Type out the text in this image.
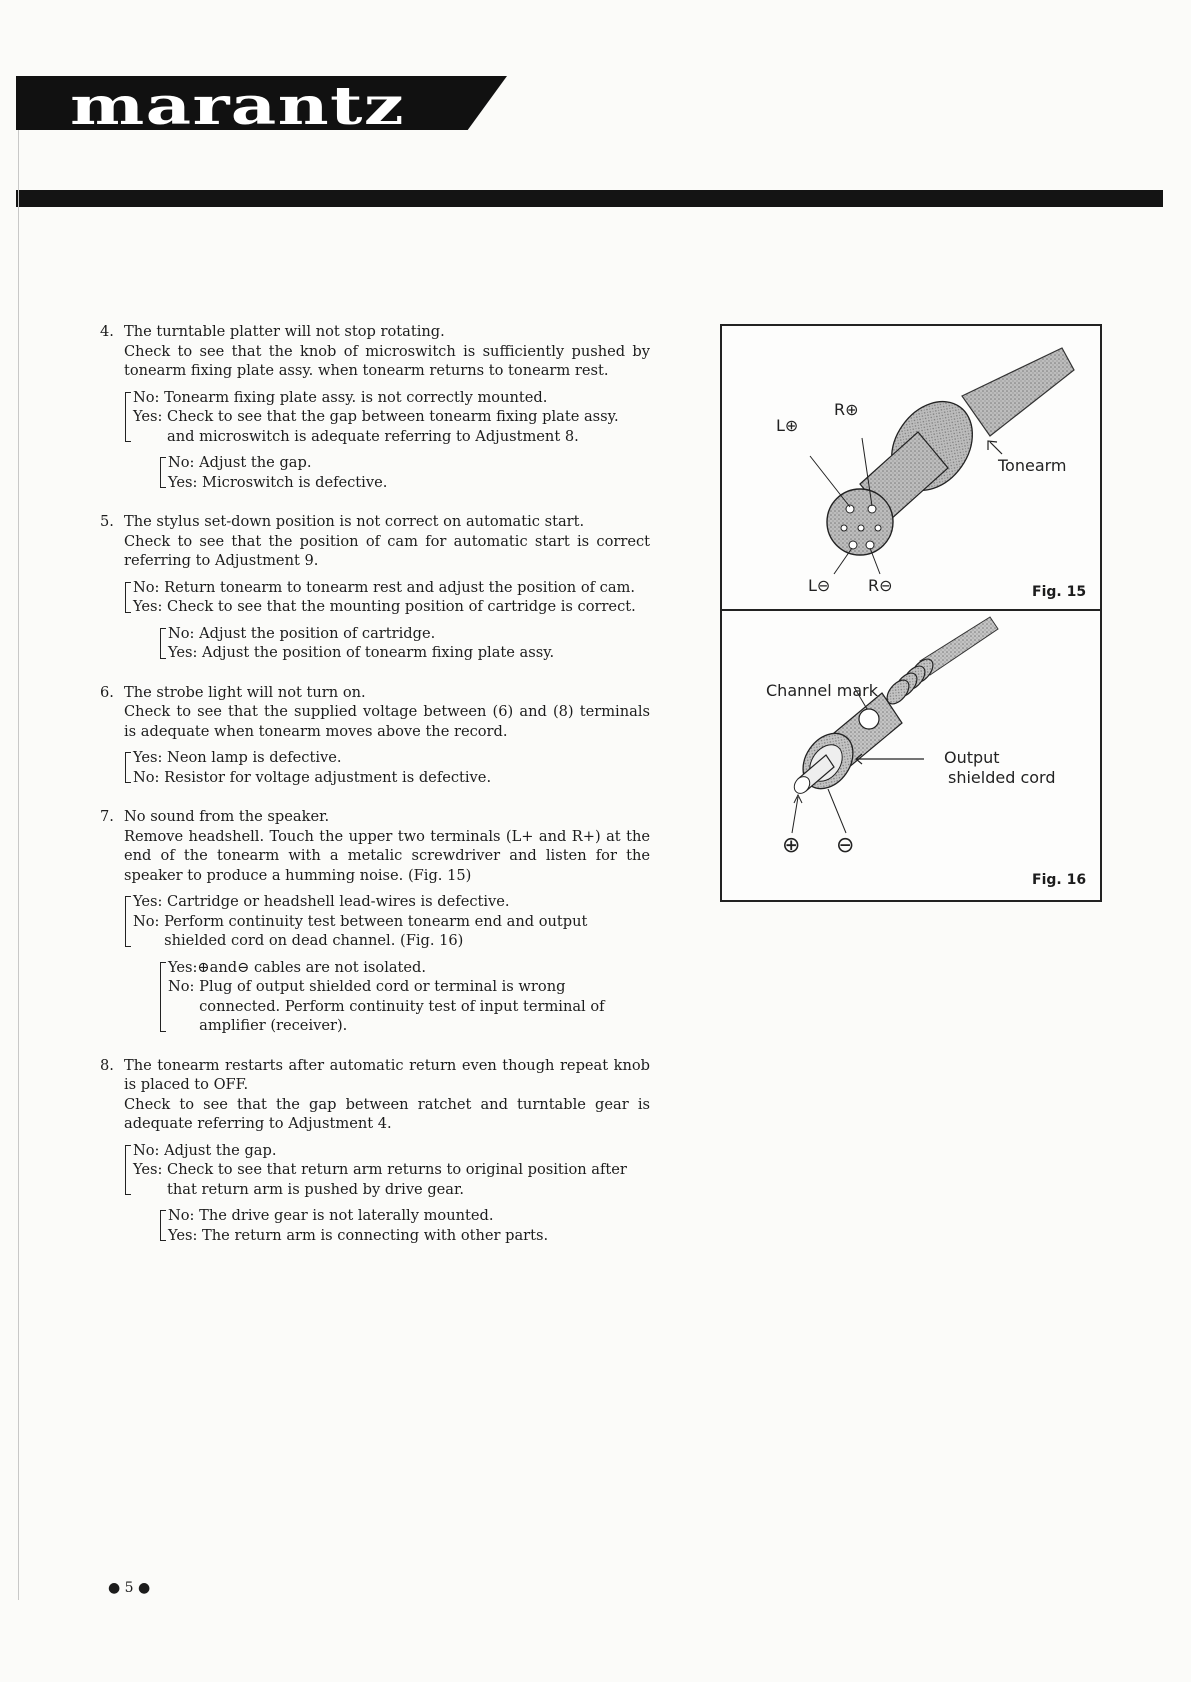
marantz
4. The turntable platter will not stop rotating.

Check to see that the knob of microswitch is sufficiently pushed by tonearm fixing plate assy. when tonearm returns to tonearm rest.

No: Tonearm fixing plate assy. is not correctly mounted.
Yes: Check to see that the gap between tonearm fixing plate assy. and microswitch is adequate referring to Adjustment 8.
No: Adjust the gap.
Yes: Microswitch is defective.
5. The stylus set-down position is not correct on automatic start.

Check to see that the position of cam for automatic start is correct referring to Adjustment 9.

No: Return tonearm to tonearm rest and adjust the position of cam.
Yes: Check to see that the mounting position of cartridge is correct.
No: Adjust the position of cartridge.
Yes: Adjust the position of tonearm fixing plate assy.
6. The strobe light will not turn on.

Check to see that the supplied voltage between (6) and (8) terminals is adequate when tonearm moves above the record.

Yes: Neon lamp is defective.
No: Resistor for voltage adjustment is defective.
7. No sound from the speaker.

Remove headshell. Touch the upper two terminals (L+ and R+) at the end of the tonearm with a metalic screwdriver and listen for the speaker to produce a humming noise. (Fig. 15)

Yes: Cartridge or headshell lead-wires is defective.
No: Perform continuity test between tonearm end and output shielded cord on dead channel. (Fig. 16)
Yes: ⊕and⊖ cables are not isolated.
No: Plug of output shielded cord or terminal is wrong connected. Perform continuity test of input terminal of amplifier (receiver).
8. The tonearm restarts after automatic return even though repeat knob is placed to OFF.

Check to see that the gap between ratchet and turntable gear is adequate referring to Adjustment 4.

No: Adjust the gap.
Yes: Check to see that return arm returns to original position after that return arm is pushed by drive gear.
No: The drive gear is not laterally mounted.
Yes: The return arm is connecting with other parts.
L⊕
R⊕
Tonearm
L⊖ R⊖	Fig. 15
Channel mark
Output
shielded cord
⊕ ⊖
Fig. 16
● 5 ●
